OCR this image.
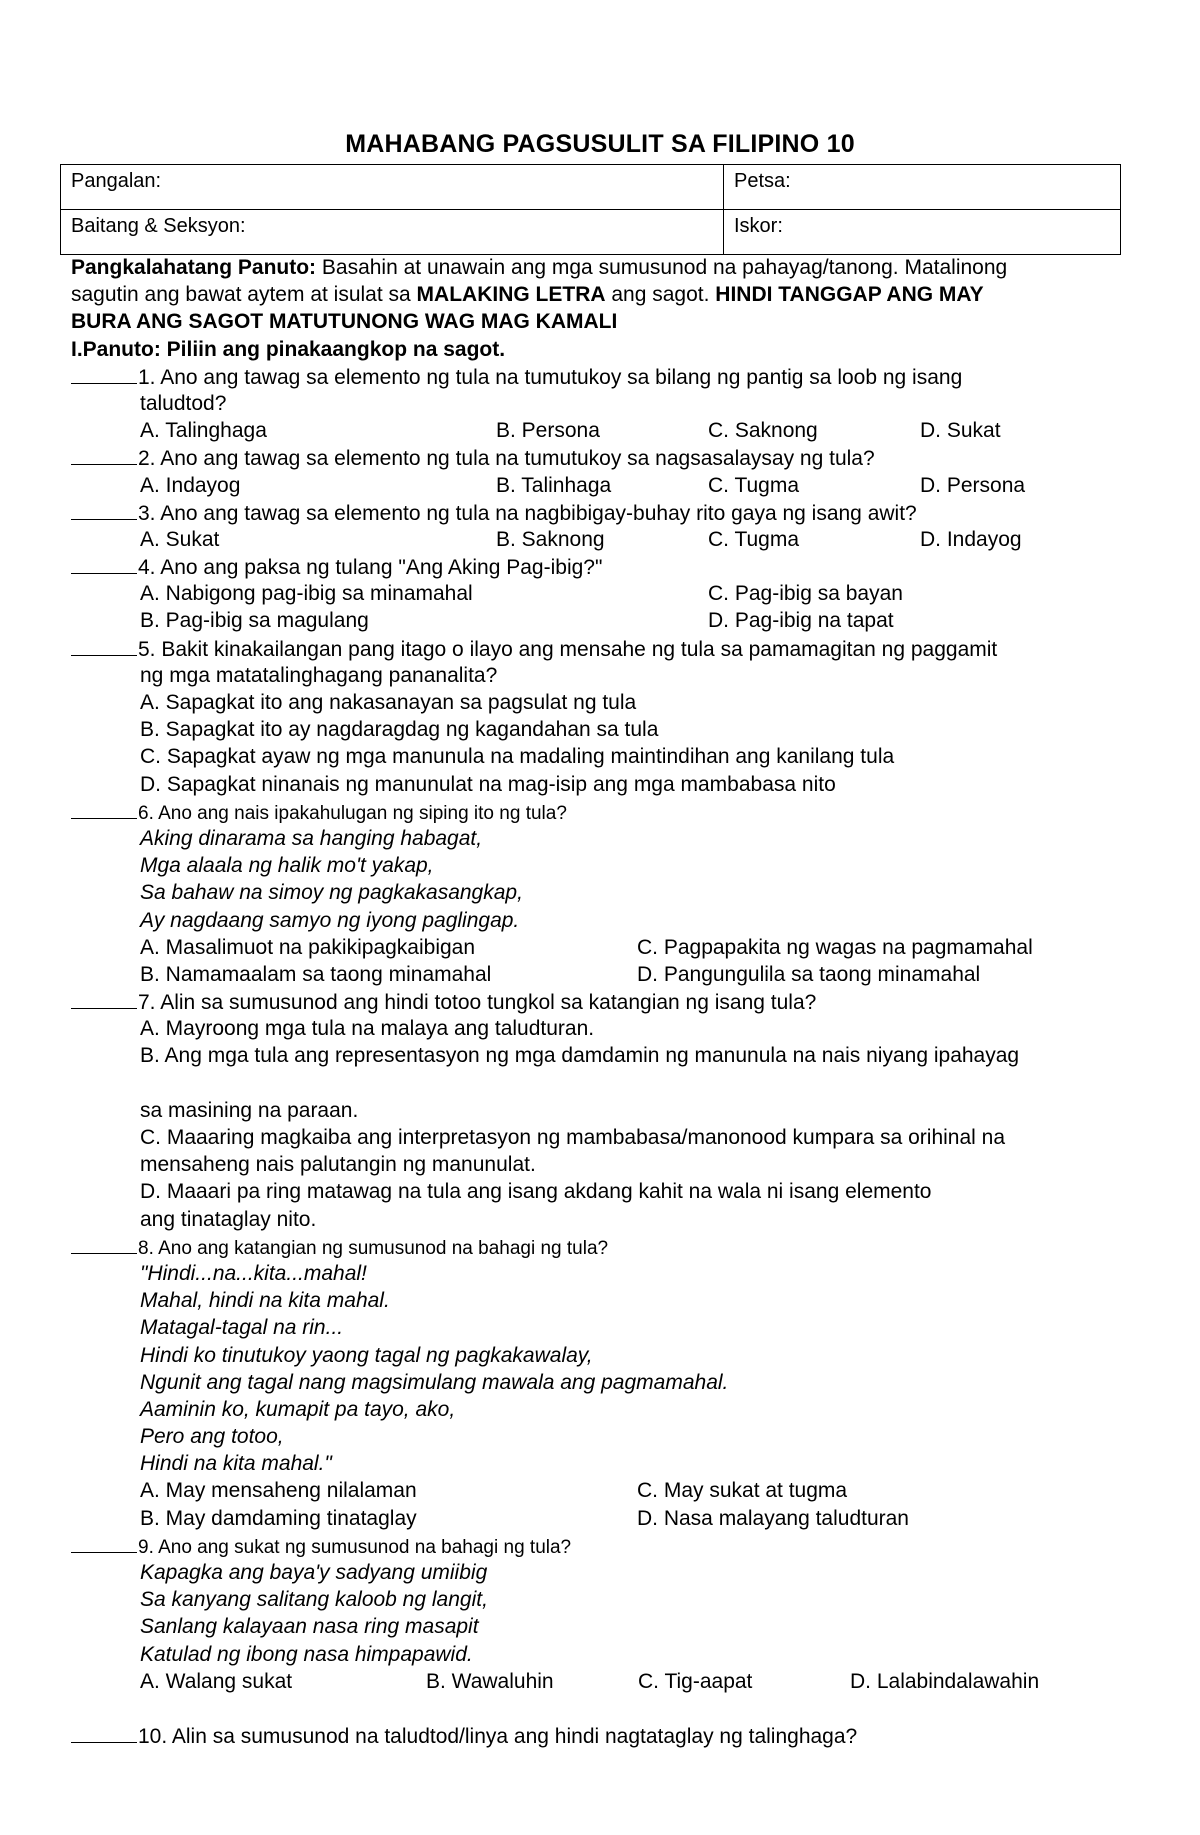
MAHABANG PAGSUSULIT SA FILIPINO 10
Pangalan:	Petsa:
Baitang & Seksyon:	Iskor:
Pangkalahatang Panuto: Basahin at unawain ang mga sumusunod na pahayag/tanong. Matalinong
sagutin ang bawat aytem at isulat sa MALAKING LETRA ang sagot. HINDI TANGGAP ANG MAY
BURA ANG SAGOT MATUTUNONG WAG MAG KAMALI
I.Panuto: Piliin ang pinakaangkop na sagot.
1. Ano ang tawag sa elemento ng tula na tumutukoy sa bilang ng pantig sa loob ng isang
taludtod?
A. Talinghaga	B. Persona	C. Saknong	D. Sukat
2. Ano ang tawag sa elemento ng tula na tumutukoy sa nagsasalaysay ng tula?
A. Indayog	B. Talinhaga	C. Tugma	D. Persona
3. Ano ang tawag sa elemento ng tula na nagbibigay-buhay rito gaya ng isang awit?
A. Sukat	B. Saknong	C. Tugma	D. Indayog
4. Ano ang paksa ng tulang "Ang Aking Pag-ibig?"
A. Nabigong pag-ibig sa minamahal	C. Pag-ibig sa bayan
B. Pag-ibig sa magulang	D. Pag-ibig na tapat
5. Bakit kinakailangan pang itago o ilayo ang mensahe ng tula sa pamamagitan ng paggamit
ng mga matatalinghagang pananalita?
A. Sapagkat ito ang nakasanayan sa pagsulat ng tula
B. Sapagkat ito ay nagdaragdag ng kagandahan sa tula
C. Sapagkat ayaw ng mga manunula na madaling maintindihan ang kanilang tula
D. Sapagkat ninanais ng manunulat na mag-isip ang mga mambabasa nito
6. Ano ang nais ipakahulugan ng siping ito ng tula?
Aking dinarama sa hanging habagat,
Mga alaala ng halik mo't yakap,
Sa bahaw na simoy ng pagkakasangkap,
Ay nagdaang samyo ng iyong paglingap.
A. Masalimuot na pakikipagkaibigan	C. Pagpapakita ng wagas na pagmamahal
B. Namamaalam sa taong minamahal	D. Pangungulila sa taong minamahal
7. Alin sa sumusunod ang hindi totoo tungkol sa katangian ng isang tula?
A. Mayroong mga tula na malaya ang taludturan.
B. Ang mga tula ang representasyon ng mga damdamin ng manunula na nais niyang ipahayag
sa masining na paraan.
C. Maaaring magkaiba ang interpretasyon ng mambabasa/manonood kumpara sa orihinal na
mensaheng nais palutangin ng manunulat.
D. Maaari pa ring matawag na tula ang isang akdang kahit na wala ni isang elemento
ang tinataglay nito.
8. Ano ang katangian ng sumusunod na bahagi ng tula?
"Hindi...na...kita...mahal!
Mahal, hindi na kita mahal.
Matagal-tagal na rin...
Hindi ko tinutukoy yaong tagal ng pagkakawalay,
Ngunit ang tagal nang magsimulang mawala ang pagmamahal.
Aaminin ko, kumapit pa tayo, ako,
Pero ang totoo,
Hindi na kita mahal."
A. May mensaheng nilalaman	C. May sukat at tugma
B. May damdaming tinataglay	D. Nasa malayang taludturan
9. Ano ang sukat ng sumusunod na bahagi ng tula?
Kapagka ang baya'y sadyang umiibig
Sa kanyang salitang kaloob ng langit,
Sanlang kalayaan nasa ring masapit
Katulad ng ibong nasa himpapawid.
A. Walang sukat	B. Wawaluhin	C. Tig-aapat	D. Lalabindalawahin
10. Alin sa sumusunod na taludtod/linya ang hindi nagtataglay ng talinghaga?
